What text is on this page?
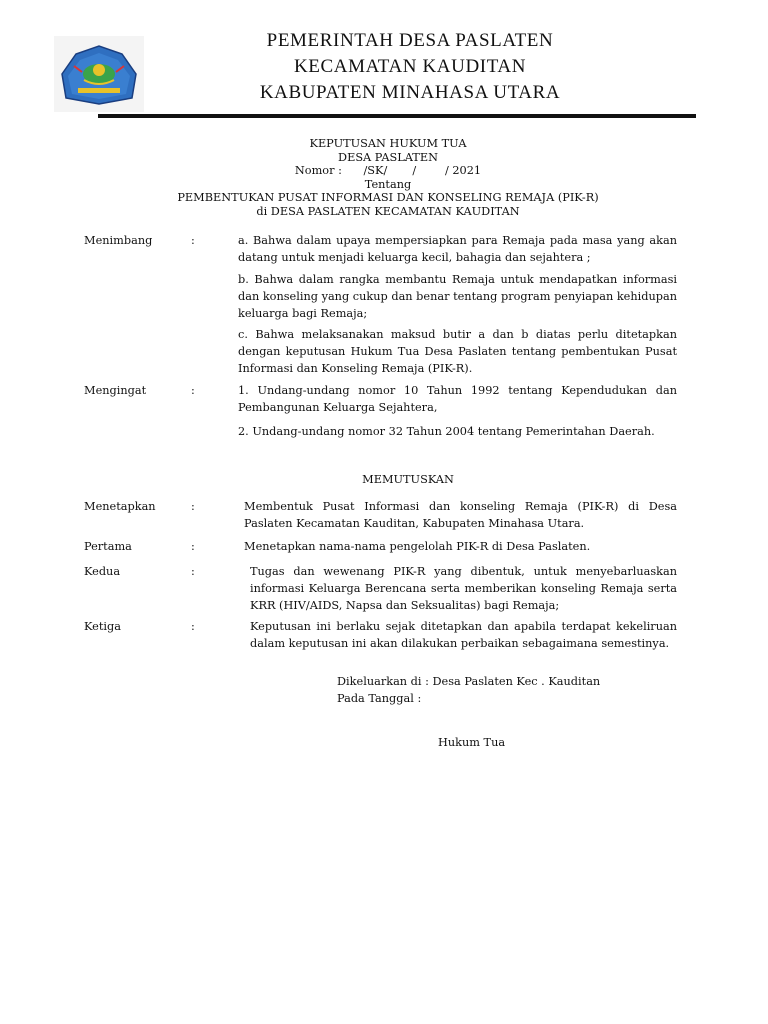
PEMERINTAH DESA PASLATEN
KECAMATAN KAUDITAN
KABUPATEN MINAHASA UTARA
KEPUTUSAN HUKUM TUA
DESA PASLATEN
Nomor : /SK/       /        / 2021
Tentang
PEMBENTUKAN PUSAT INFORMASI DAN KONSELING REMAJA (PIK-R)
di DESA PASLATEN KECAMATAN KAUDITAN
Menimbang	:	a. Bahwa dalam upaya mempersiapkan para Remaja pada masa yang akan datang untuk menjadi keluarga kecil, bahagia dan sejahtera ;
b. Bahwa dalam rangka membantu Remaja untuk mendapatkan informasi dan konseling yang cukup dan benar tentang program penyiapan kehidupan keluarga bagi Remaja;
c. Bahwa melaksanakan maksud butir a dan b diatas perlu ditetapkan dengan keputusan Hukum Tua Desa Paslaten tentang pembentukan Pusat Informasi dan Konseling Remaja (PIK-R).
Mengingat	:	1. Undang-undang nomor 10 Tahun 1992 tentang Kependudukan dan Pembangunan Keluarga Sejahtera,
2. Undang-undang nomor 32 Tahun 2004 tentang Pemerintahan Daerah.
MEMUTUSKAN
Menetapkan	:	Membentuk Pusat Informasi dan konseling Remaja (PIK-R) di Desa Paslaten Kecamatan Kauditan, Kabupaten Minahasa Utara.
Pertama	:	Menetapkan nama-nama pengelolah PIK-R di Desa Paslaten.
Kedua	:	Tugas dan wewenang PIK-R yang dibentuk, untuk menyebarluaskan informasi Keluarga Berencana serta memberikan konseling Remaja serta KRR (HIV/AIDS, Napsa dan Seksualitas) bagi Remaja;
Ketiga	:	Keputusan ini berlaku sejak ditetapkan dan apabila terdapat kekeliruan dalam keputusan ini akan dilakukan perbaikan sebagaimana semestinya.
Dikeluarkan di : Desa Paslaten Kec . Kauditan
Pada Tanggal :
Hukum Tua
